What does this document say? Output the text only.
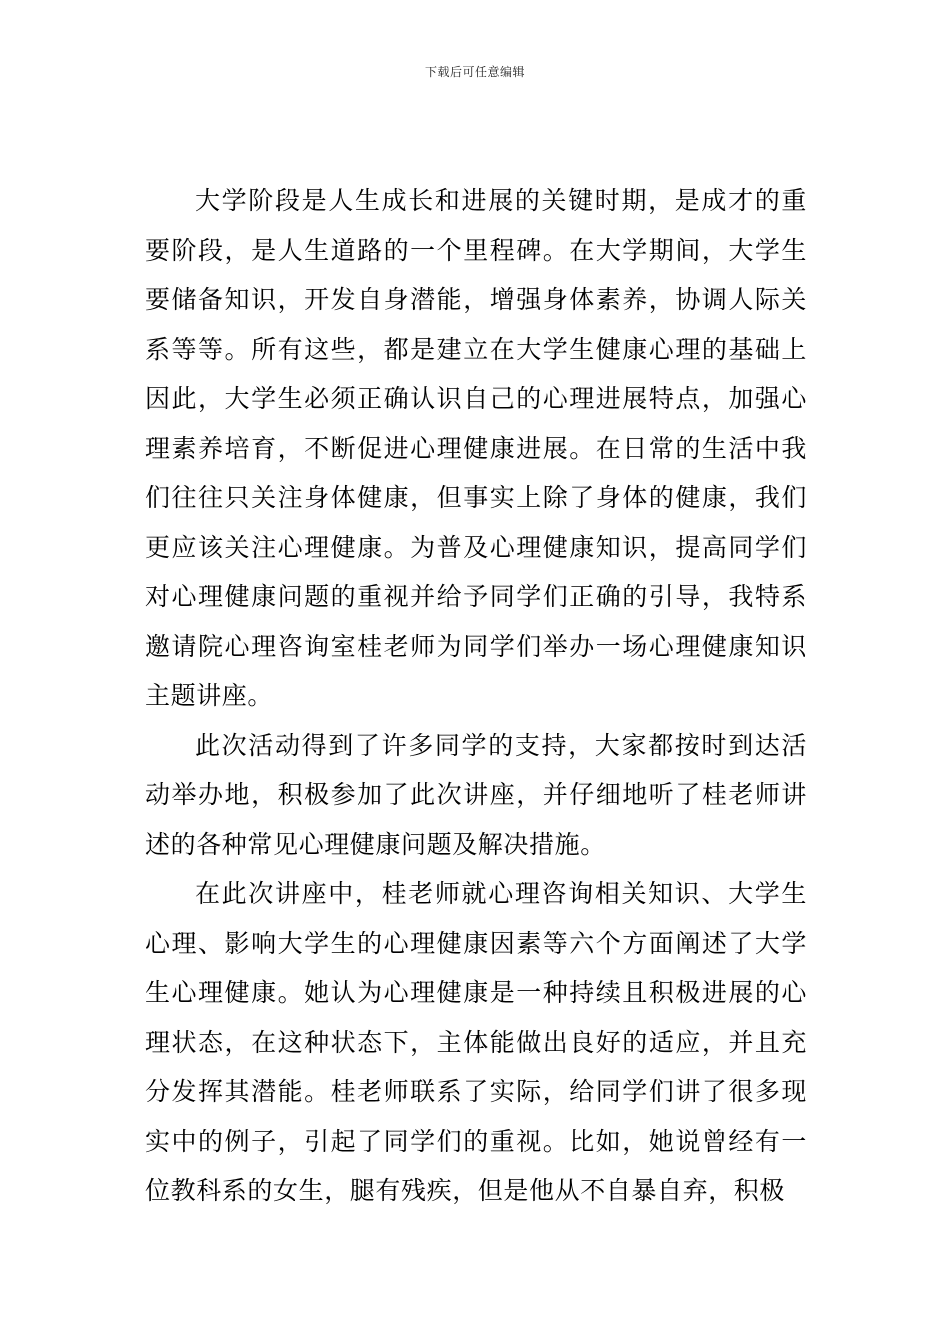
下载后可任意编辑

大学阶段是人生成长和进展的关键时期，是成才的重要阶段，是人生道路的一个里程碑。在大学期间，大学生要储备知识，开发自身潜能，增强身体素养，协调人际关系等等。所有这些，都是建立在大学生健康心理的基础上因此，大学生必须正确认识自己的心理进展特点，加强心理素养培育，不断促进心理健康进展。在日常的生活中我们往往只关注身体健康，但事实上除了身体的健康，我们更应该关注心理健康。为普及心理健康知识，提高同学们对心理健康问题的重视并给予同学们正确的引导，我特系邀请院心理咨询室桂老师为同学们举办一场心理健康知识主题讲座。

此次活动得到了许多同学的支持，大家都按时到达活动举办地，积极参加了此次讲座，并仔细地听了桂老师讲述的各种常见心理健康问题及解决措施。

在此次讲座中，桂老师就心理咨询相关知识、大学生心理、影响大学生的心理健康因素等六个方面阐述了大学生心理健康。她认为心理健康是一种持续且积极进展的心理状态，在这种状态下，主体能做出良好的适应，并且充分发挥其潜能。桂老师联系了实际，给同学们讲了很多现实中的例子，引起了同学们的重视。比如，她说曾经有一位教科系的女生，腿有残疾，但是他从不自暴自弃，积极
